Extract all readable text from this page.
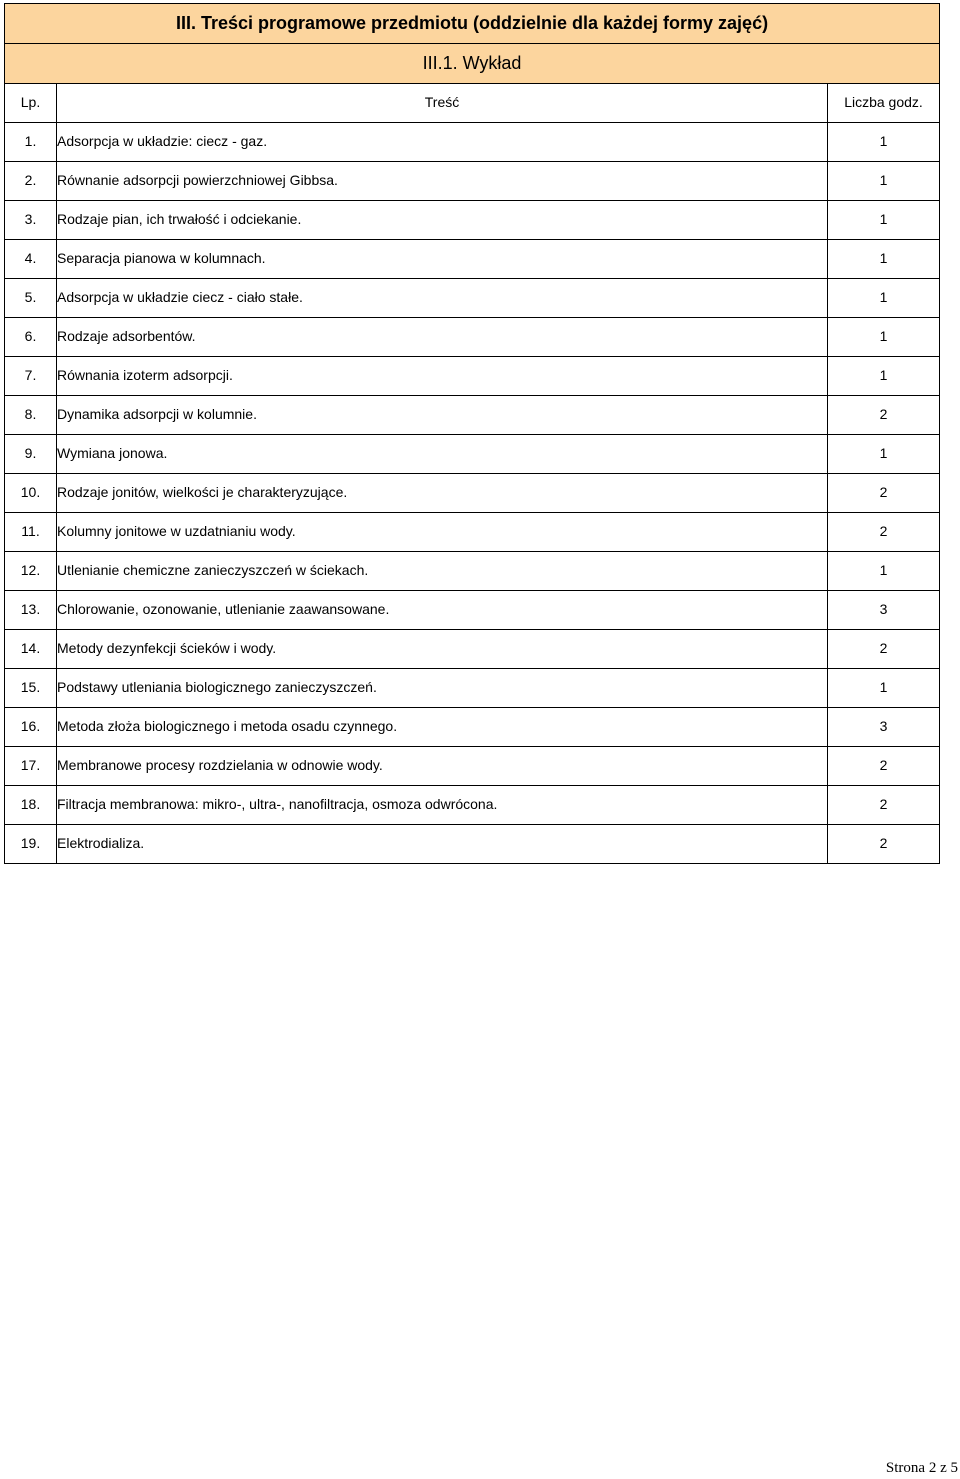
III. Treści programowe przedmiotu (oddzielnie dla każdej formy zajęć)		
III.1. Wykład		
Lp.	Treść	Liczba godz.
1.	Adsorpcja w układzie: ciecz - gaz.	1
2.	Równanie adsorpcji powierzchniowej Gibbsa.	1
3.	Rodzaje pian, ich trwałość i odciekanie.	1
4.	Separacja pianowa w kolumnach.	1
5.	Adsorpcja w układzie ciecz - ciało stałe.	1
6.	Rodzaje adsorbentów.	1
7.	Równania izoterm adsorpcji.	1
8.	Dynamika adsorpcji w kolumnie.	2
9.	Wymiana jonowa.	1
10.	Rodzaje jonitów, wielkości je charakteryzujące.	2
11.	Kolumny jonitowe w uzdatnianiu wody.	2
12.	Utlenianie chemiczne zanieczyszczeń w ściekach.	1
13.	Chlorowanie, ozonowanie, utlenianie zaawansowane.	3
14.	Metody dezynfekcji ścieków i wody.	2
15.	Podstawy utleniania biologicznego zanieczyszczeń.	1
16.	Metoda złoża biologicznego i metoda osadu czynnego.	3
17.	Membranowe procesy rozdzielania w odnowie wody.	2
18.	Filtracja membranowa: mikro-, ultra-, nanofiltracja, osmoza odwrócona.	2
19.	Elektrodializa.	2
Strona 2 z 5
